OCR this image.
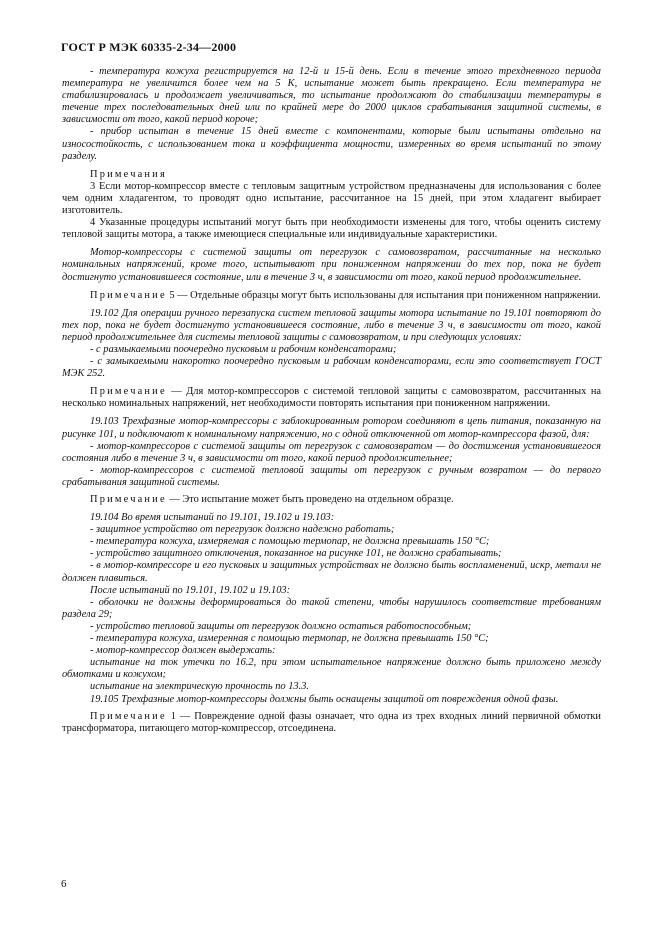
ГОСТ Р МЭК 60335-2-34—2000

- температура кожуха регистрируется на 12-й и 15-й день. Если в течение этого трехдневного периода температура не увеличится более чем на 5 К, испытание может быть прекращено. Если температура не стабилизировалась и продолжает увеличиваться, то испытание продолжают до стабилизации температуры в течение трех последовательных дней или по крайней мере до 2000 циклов срабатывания защитной системы, в зависимости от того, какой период короче;

- прибор испытан в течение 15 дней вместе с компонентами, которые были испытаны отдельно на износостойкость, с использованием тока и коэффициента мощности, измеренных во время испытаний по этому разделу.

Примечания

3 Если мотор-компрессор вместе с тепловым защитным устройством предназначены для использования с более чем одним хладагентом, то проводят одно испытание, рассчитанное на 15 дней, при этом хладагент выбирает изготовитель.

4 Указанные процедуры испытаний могут быть при необходимости изменены для того, чтобы оценить систему тепловой защиты мотора, а также имеющиеся специальные или индивидуальные характеристики.

Мотор-компрессоры с системой защиты от перегрузок с самовозвратом, рассчитанные на несколько номинальных напряжений, кроме того, испытывают при пониженном напряжении до тех пор, пока не будет достигнуто установившееся состояние, или в течение 3 ч, в зависимости от того, какой период продолжительнее.

Примечание 5 — Отдельные образцы могут быть использованы для испытания при пониженном напряжении.

19.102 Для операции ручного перезапуска систем тепловой защиты мотора испытание по 19.101 повторяют до тех пор, пока не будет достигнуто установившееся состояние, либо в течение 3 ч, в зависимости от того, какой период продолжительнее для системы тепловой защиты с самовозвратом, и при следующих условиях:

- с размыкаемыми поочередно пусковым и рабочим конденсаторами;

- с замыкаемыми накоротко поочередно пусковым и рабочим конденсаторами, если это соответствует ГОСТ МЭК 252.

Примечание — Для мотор-компрессоров с системой тепловой защиты с самовозвратом, рассчитанных на несколько номинальных напряжений, нет необходимости повторять испытания при пониженном напряжении.

19.103 Трехфазные мотор-компрессоры с заблокированным ротором соединяют в цепь питания, показанную на рисунке 101, и подключают к номинальному напряжению, но с одной отключенной от мотор-компрессора фазой, для:

- мотор-компрессоров с системой защиты от перегрузок с самовозвратом — до достижения установившегося состояния либо в течение 3 ч, в зависимости от того, какой период продолжительнее;

- мотор-компрессоров с системой тепловой защиты от перегрузок с ручным возвратом — до первого срабатывания защитной системы.

Примечание — Это испытание может быть проведено на отдельном образце.

19.104 Во время испытаний по 19.101, 19.102 и 19.103:

- защитное устройство от перегрузок должно надежно работать;

- температура кожуха, измеряемая с помощью термопар, не должна превышать 150 °С;

- устройство защитного отключения, показанное на рисунке 101, не должно срабатывать;

- в мотор-компрессоре и его пусковых и защитных устройствах не должно быть воспламенений, искр, металл не должен плавиться.

После испытаний по 19.101, 19.102 и 19.103:

- оболочки не должны деформироваться до такой степени, чтобы нарушилось соответствие требованиям раздела 29;

- устройство тепловой защиты от перегрузок должно остаться работоспособным;

- температура кожуха, измеренная с помощью термопар, не должна превышать 150 °С;

- мотор-компрессор должен выдержать:

испытание на ток утечки по 16.2, при этом испытательное напряжение должно быть приложено между обмотками и кожухом;

испытание на электрическую прочность по 13.3.

19.105 Трехфазные мотор-компрессоры должны быть оснащены защитой от повреждения одной фазы.

Примечание 1 — Повреждение одной фазы означает, что одна из трех входных линий первичной обмотки трансформатора, питающего мотор-компрессор, отсоединена.

6
